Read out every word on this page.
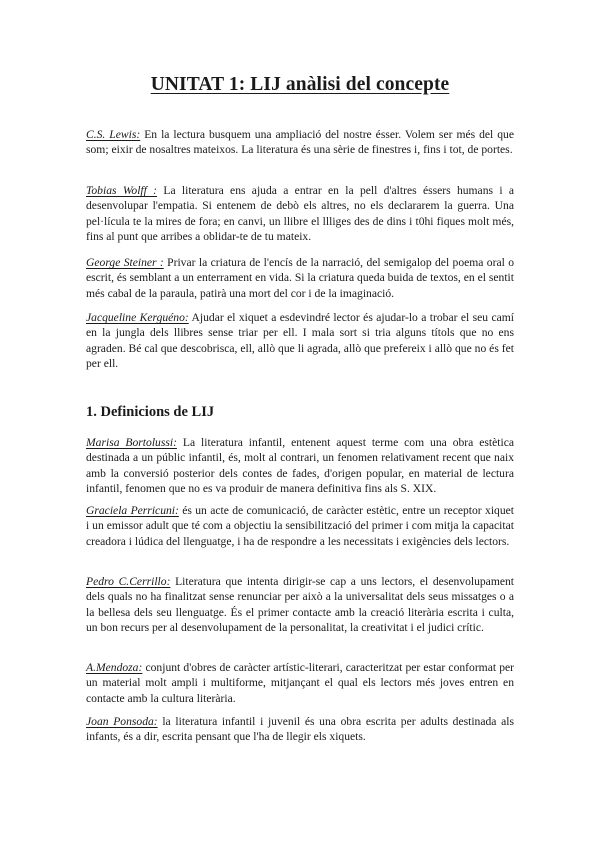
UNITAT 1: LIJ anàlisi del concepte

C.S. Lewis: En la lectura busquem una ampliació del nostre ésser. Volem ser més del que som; eixir de nosaltres mateixos. La literatura és una sèrie de finestres i, fins i tot, de portes.

Tobias Wolff : La literatura ens ajuda a entrar en la pell d'altres éssers humans i a desenvolupar l'empatia. Si entenem de debò els altres, no els declararem la guerra. Una pel·lícula te la mires de fora; en canvi, un llibre el llliges des de dins i t0hi fiques molt més, fins al punt que arribes a oblidar-te de tu mateix.

George Steiner : Privar la criatura de l'encís de la narració, del semigalop del poema oral o escrit, és semblant a un enterrament en vida. Si la criatura queda buida de textos, en el sentit més cabal de la paraula, patirà una mort del cor i de la imaginació.

Jacqueline Kerguéno: Ajudar el xiquet a esdevindré lector és ajudar-lo a trobar el seu camí en la jungla dels llibres sense triar per ell. I mala sort si tria alguns títols que no ens agraden. Bé cal que descobrisca, ell, allò que li agrada, allò que prefereix i allò que no és fet per ell.

1. Definicions de LIJ

Marisa Bortolussi: La literatura infantil, entenent aquest terme com una obra estètica destinada a un públic infantil, és, molt al contrari, un fenomen relativament recent que naix amb la conversió posterior dels contes de fades, d'origen popular, en material de lectura infantil, fenomen que no es va produir de manera definitiva fins als S. XIX.

Graciela Perricuni: és un acte de comunicació, de caràcter estètic, entre un receptor xiquet i un emissor adult que té com a objectiu la sensibilització del primer i com mitja la capacitat creadora i lúdica del llenguatge, i ha de respondre a les necessitats i exigències dels lectors.

Pedro C.Cerrillo: Literatura que intenta dirigir-se cap a uns lectors, el desenvolupament dels quals no ha finalitzat sense renunciar per això a la universalitat dels seus missatges o a la bellesa dels seu llenguatge. És el primer contacte amb la creació literària escrita i culta, un bon recurs per al desenvolupament de la personalitat, la creativitat i el judici crític.

A.Mendoza: conjunt d'obres de caràcter artístic-literari, caracteritzat per estar conformat per un material molt ampli i multiforme, mitjançant el qual els lectors més joves entren en contacte amb la cultura literària.

Joan Ponsoda: la literatura infantil i juvenil és una obra escrita per adults destinada als infants, és a dir, escrita pensant que l'ha de llegir els xiquets.
